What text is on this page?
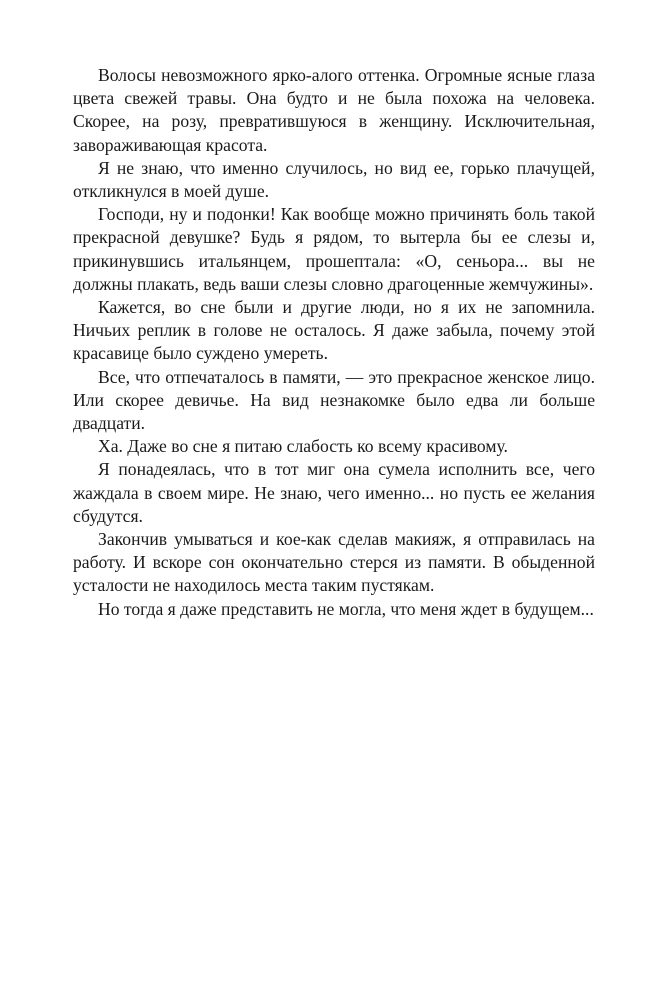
Волосы невозможного ярко-алого оттенка. Огромные ясные глаза цвета свежей травы. Она будто и не была похожа на человека. Скорее, на розу, превратившуюся в женщину. Исключительная, завораживающая красота.

Я не знаю, что именно случилось, но вид ее, горько плачущей, откликнулся в моей душе.

Господи, ну и подонки! Как вообще можно причинять боль такой прекрасной девушке? Будь я рядом, то вытерла бы ее слезы и, прикинувшись итальянцем, прошептала: «О, сеньора... вы не должны плакать, ведь ваши слезы словно драгоценные жемчужины».

Кажется, во сне были и другие люди, но я их не запомнила. Ничьих реплик в голове не осталось. Я даже забыла, почему этой красавице было суждено умереть.

Все, что отпечаталось в памяти, — это прекрасное женское лицо. Или скорее девичье. На вид незнакомке было едва ли больше двадцати.

Ха. Даже во сне я питаю слабость ко всему красивому.

Я понадеялась, что в тот миг она сумела исполнить все, чего жаждала в своем мире. Не знаю, чего именно... но пусть ее желания сбудутся.

Закончив умываться и кое-как сделав макияж, я отправилась на работу. И вскоре сон окончательно стерся из памяти. В обыденной усталости не находилось места таким пустякам.

Но тогда я даже представить не могла, что меня ждет в будущем...
